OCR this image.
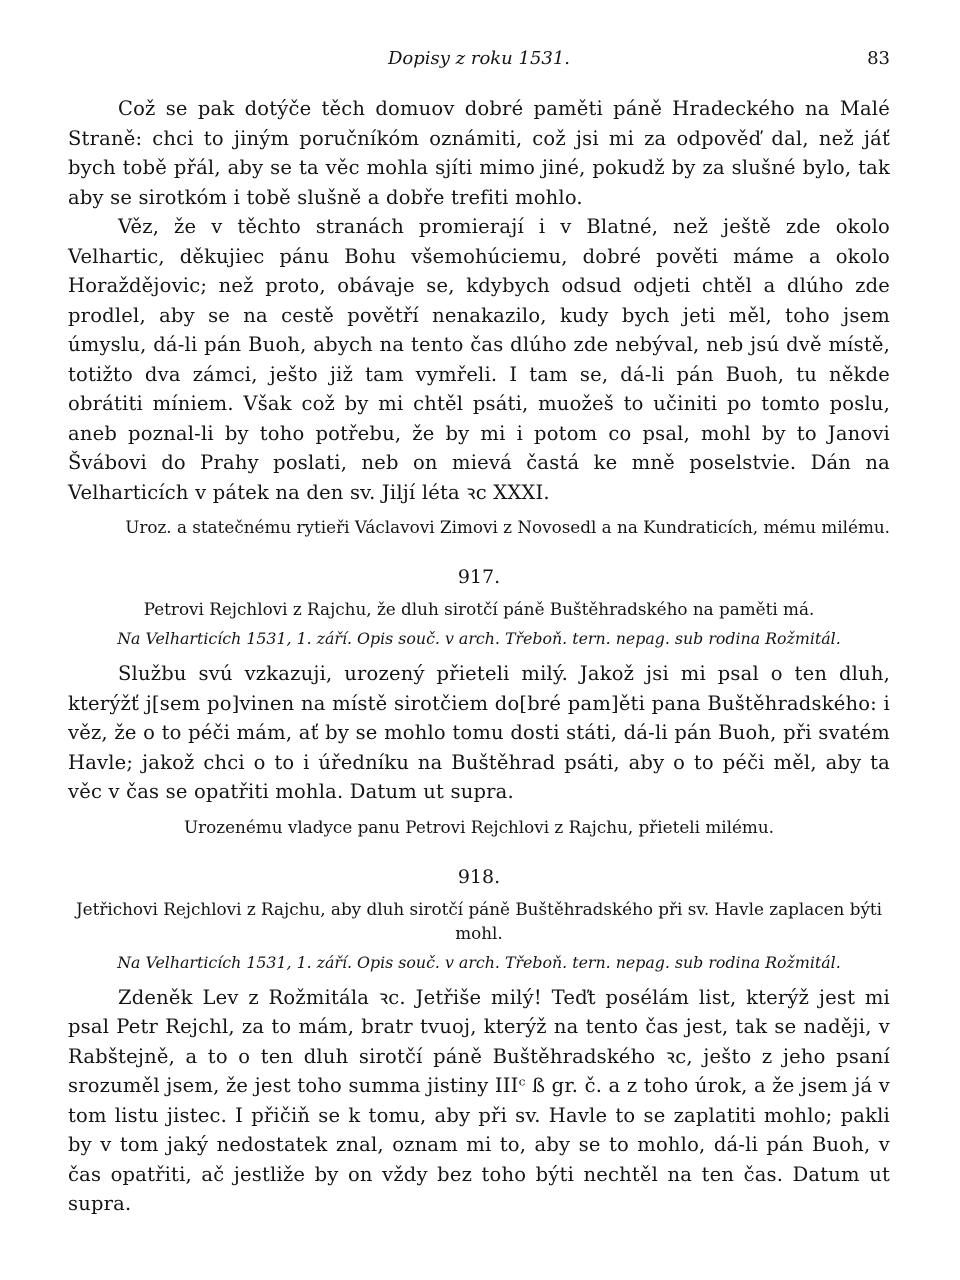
Dopisy z roku 1531.	83

Což se pak dotýče těch domuov dobré paměti páně Hradeckého na Malé Straně: chci to jiným poručníkóm oznámiti, což jsi mi za odpověď dal, než jáť bych tobě přál, aby se ta věc mohla sjíti mimo jiné, pokudž by za slušné bylo, tak aby se sirotkóm i tobě slušně a dobře trefiti mohlo.

Věz, že v těchto stranách promierají i v Blatné, než ještě zde okolo Velhartic, děkujiec pánu Bohu všemohúciemu, dobré pověti máme a okolo Horaždějovic; než proto, obávaje se, kdybych odsud odjeti chtěl a dlúho zde prodlel, aby se na cestě povětří nenakazilo, kudy bych jeti měl, toho jsem úmyslu, dá-li pán Buoh, abych na tento čas dlúho zde nebýval, neb jsú dvě místě, totižto dva zámci, ješto již tam vymřeli. I tam se, dá-li pán Buoh, tu někde obrátiti míniem. Však což by mi chtěl psáti, muožeš to učiniti po tomto poslu, aneb poznal-li by toho potřebu, že by mi i potom co psal, mohl by to Janovi Švábovi do Prahy poslati, neb on mievá častá ke mně poselstvie. Dán na Velharticích v pátek na den sv. Jiljí léta ꝛc XXXI.

Uroz. a statečnému rytieři Václavovi Zimovi z Novosedl a na Kundraticích, mému milému.

917.

Petrovi Rejchlovi z Rajchu, že dluh sirotčí páně Buštěhradského na paměti má.

Na Velharticích 1531, 1. září. Opis souč. v arch. Třeboň. tern. nepag. sub rodina Rožmitál.

Službu svú vzkazuji, urozený přieteli milý. Jakož jsi mi psal o ten dluh, kterýžť j[sem po]vinen na místě sirotčiem do[bré pam]ěti pana Buštěhradského: i věz, že o to péči mám, ať by se mohlo tomu dosti státi, dá-li pán Buoh, při svatém Havle; jakož chci o to i úředníku na Buštěhrad psáti, aby o to péči měl, aby ta věc v čas se opatřiti mohla. Datum ut supra.

Urozenému vladyce panu Petrovi Rejchlovi z Rajchu, přieteli milému.

918.

Jetřichovi Rejchlovi z Rajchu, aby dluh sirotčí páně Buštěhradského při sv. Havle zaplacen býti mohl.

Na Velharticích 1531, 1. září. Opis souč. v arch. Třeboň. tern. nepag. sub rodina Rožmitál.

Zdeněk Lev z Rožmitála ꝛc. Jetřiše milý! Teďt posélám list, kterýž jest mi psal Petr Rejchl, za to mám, bratr tvuoj, kterýž na tento čas jest, tak se naději, v Rabštejně, a to o ten dluh sirotčí páně Buštěhradského ꝛc, ješto z jeho psaní srozuměl jsem, že jest toho summa jistiny IIIᶜ ß gr. č. a z toho úrok, a že jsem já v tom listu jistec. I přičiň se k tomu, aby při sv. Havle to se zaplatiti mohlo; pakli by v tom jaký nedostatek znal, oznam mi to, aby se to mohlo, dá-li pán Buoh, v čas opatřiti, ač jestliže by on vždy bez toho býti nechtěl na ten čas. Datum ut supra.
